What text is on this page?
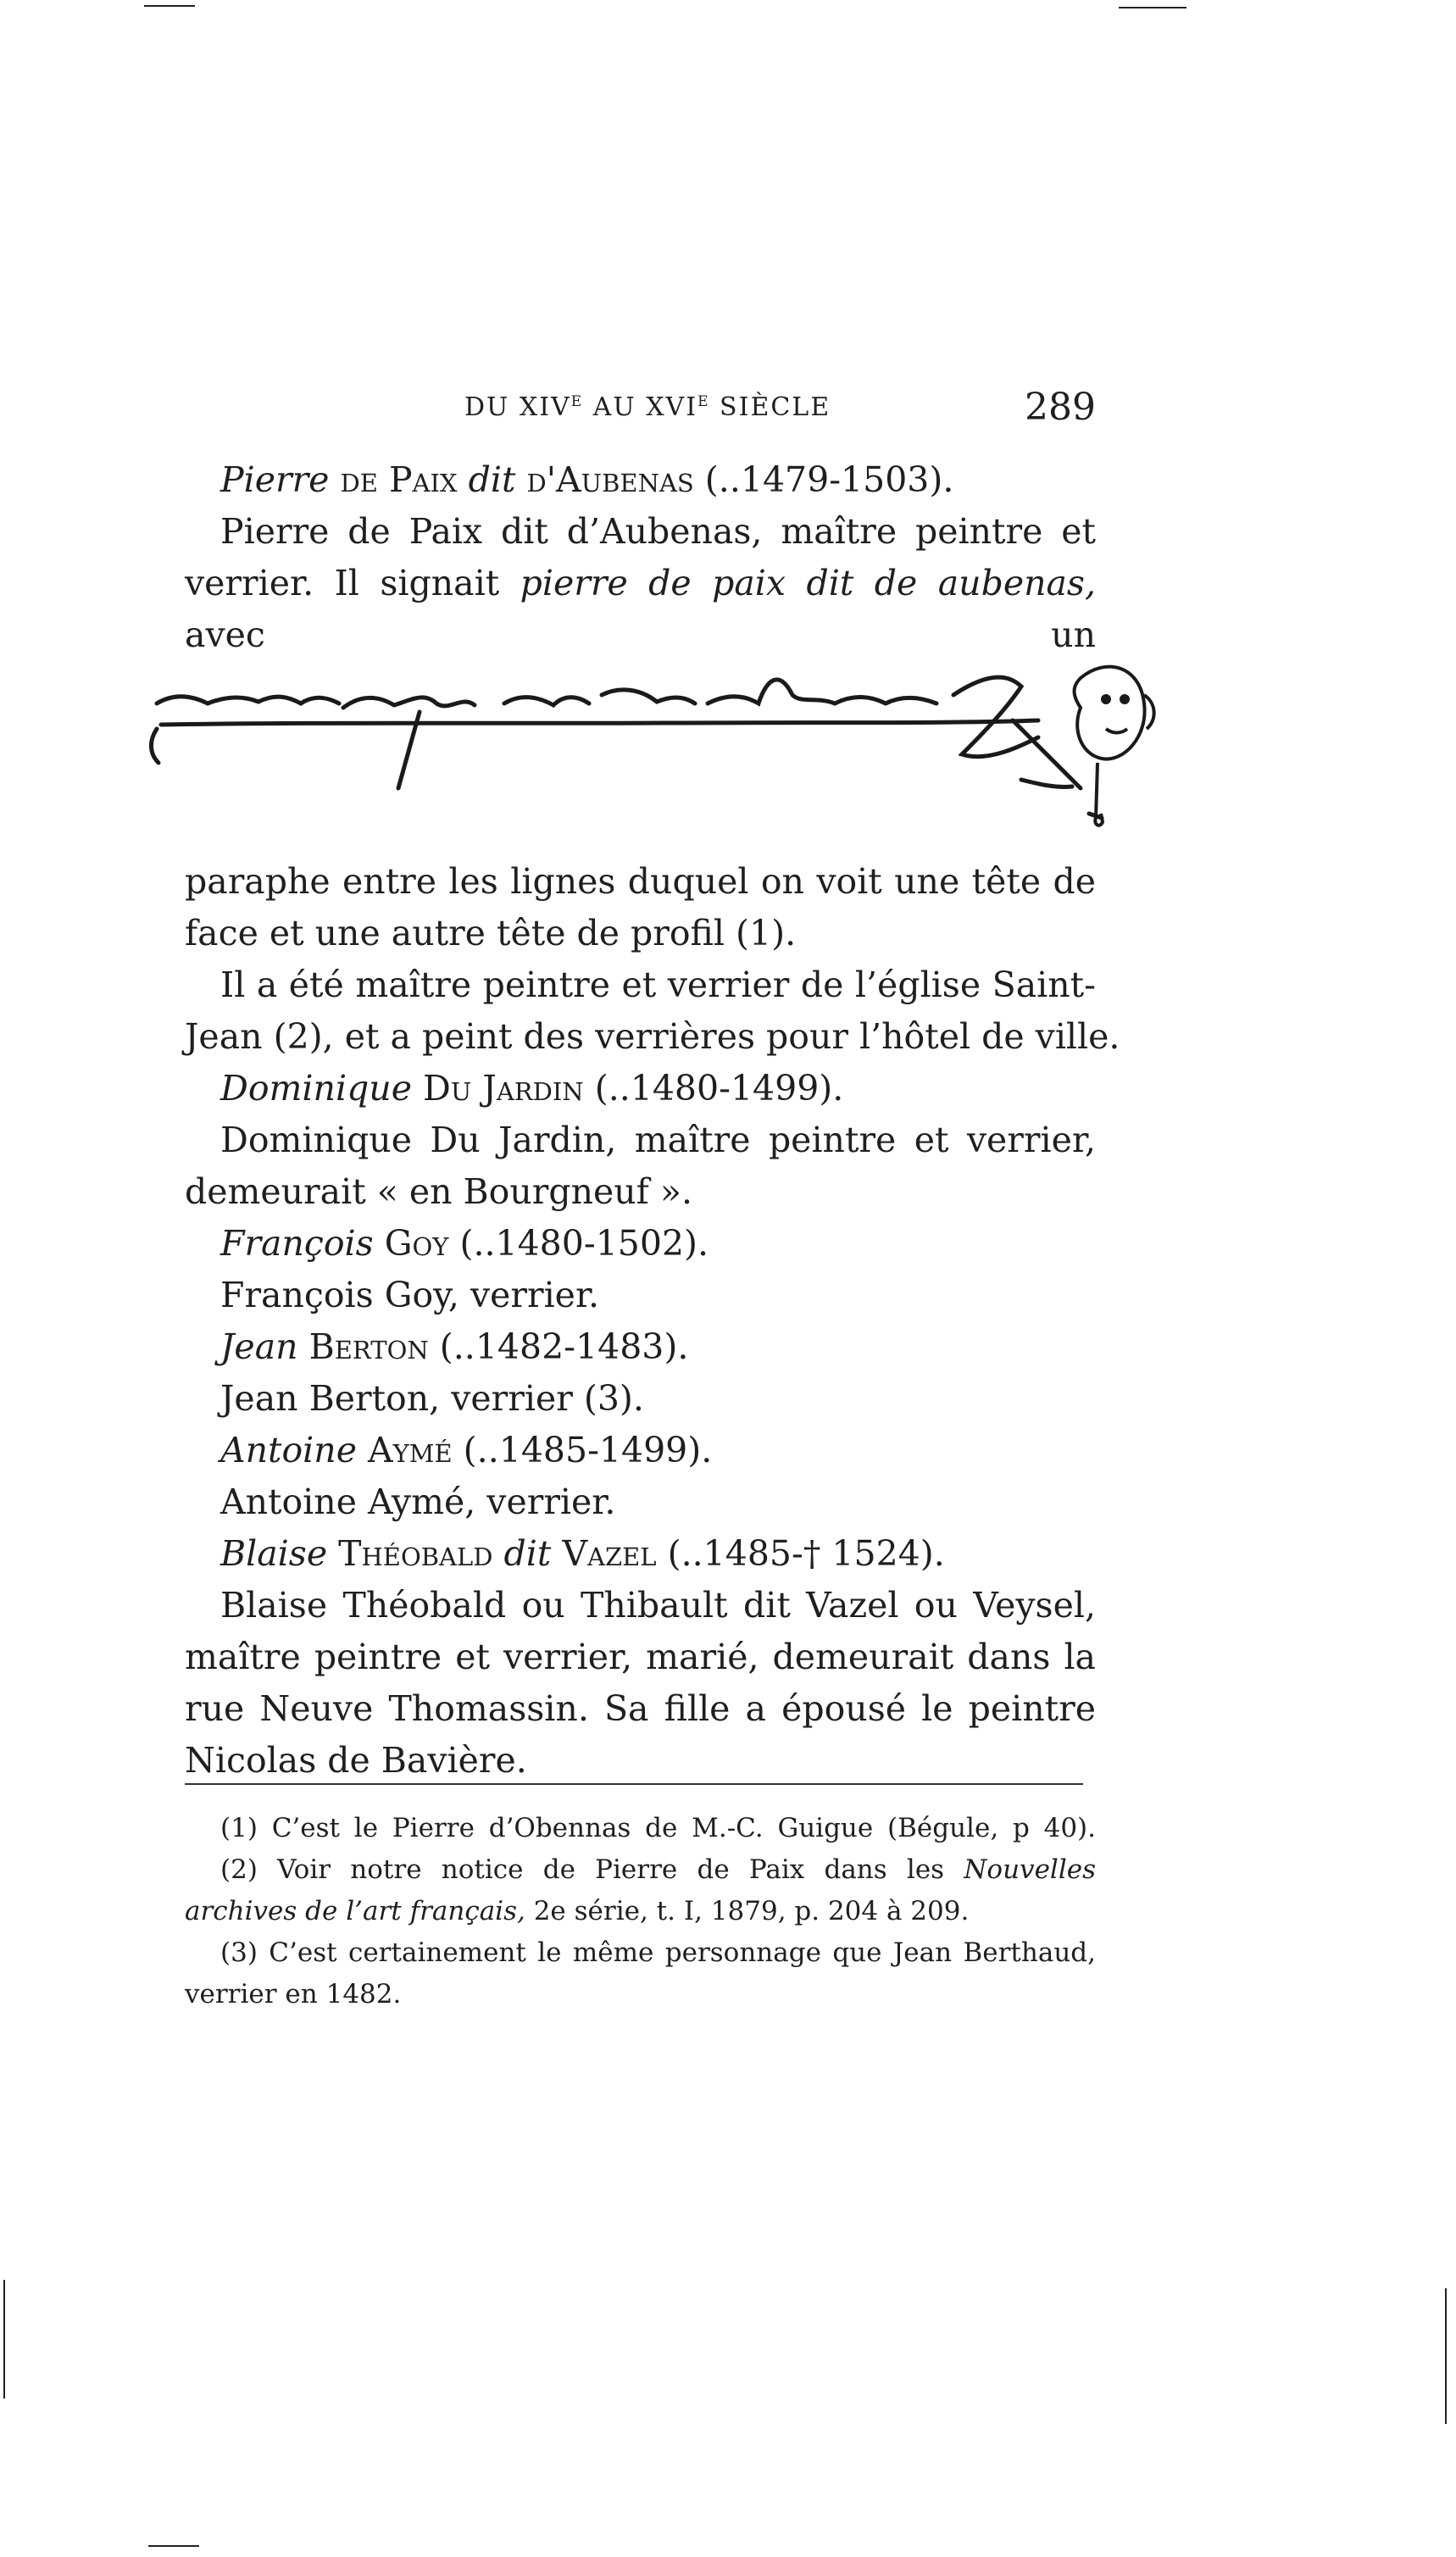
DU $XIV^E$ AU $XVI^E$ SIÈCLE	289
Pierre de Paix dit d'Aubenas (..1479-1503).
Pierre de Paix dit d’Aubenas, maître peintre et
verrier. Il signait pierre de paix dit de aubenas, avec un
paraphe entre les lignes duquel on voit une tête de
face et une autre tête de profil (1).
Il a été maître peintre et verrier de l’église Saint-
Jean (2), et a peint des verrières pour l’hôtel de ville.
Dominique Du Jardin (..1480-1499).
Dominique Du Jardin, maître peintre et verrier,
demeurait « en Bourgneuf ».
François Goy (..1480-1502).
François Goy, verrier.
Jean Berton (..1482-1483).
Jean Berton, verrier (3).
Antoine Aymé (..1485-1499).
Antoine Aymé, verrier.
Blaise Théobald dit Vazel (..1485-† 1524).
Blaise Théobald ou Thibault dit Vazel ou Veysel,
maître peintre et verrier, marié, demeurait dans la
rue Neuve Thomassin. Sa fille a épousé le peintre
Nicolas de Bavière.
(1) C’est le Pierre d’Obennas de M.-C. Guigue (Bégule, p 40).
(2) Voir notre notice de Pierre de Paix dans les Nouvelles
archives de l’art français, 2e série, t. I, 1879, p. 204 à 209.
(3) C’est certainement le même personnage que Jean Berthaud,
verrier en 1482.
